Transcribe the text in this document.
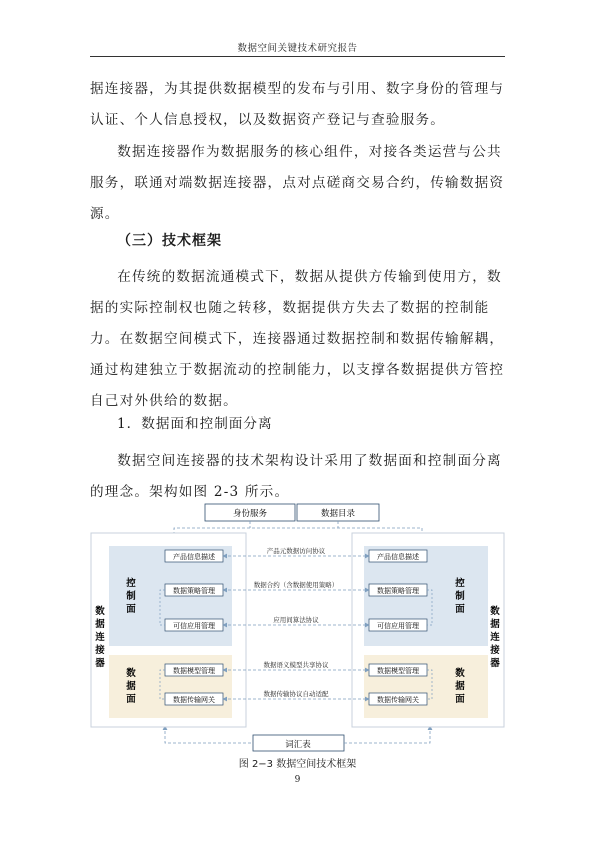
数据空间关键技术研究报告

据连接器，为其提供数据模型的发布与引用、数字身份的管理与认证、个人信息授权，以及数据资产登记与查验服务。

数据连接器作为数据服务的核心组件，对接各类运营与公共服务，联通对端数据连接器，点对点磋商交易合约，传输数据资源。

（三）技术框架

在传统的数据流通模式下，数据从提供方传输到使用方，数据的实际控制权也随之转移，数据提供方失去了数据的控制能力。在数据空间模式下，连接器通过数据控制和数据传输解耦，通过构建独立于数据流动的控制能力，以支撑各数据提供方管控自己对外供给的数据。

1．数据面和控制面分离

数据空间连接器的技术架构设计采用了数据面和控制面分离的理念。架构如图 2-3 所示。

身份服务	数据目录
词汇表
数
据
连
接
器
控
制
面
数
据
面
产品信息描述
数据策略管理
可信应用管理
数据模型管理
数据传输网关
控
制
面
数
据
面
数
据
连
接
器
产品信息描述
数据策略管理
可信应用管理
数据模型管理
数据传输网关
产品元数据访问协议
数据合约（含数据使用策略）
应用间算法协议
数据语义模型共享协议
数据传输协议自动适配
图 2−3 数据空间技术框架
9
